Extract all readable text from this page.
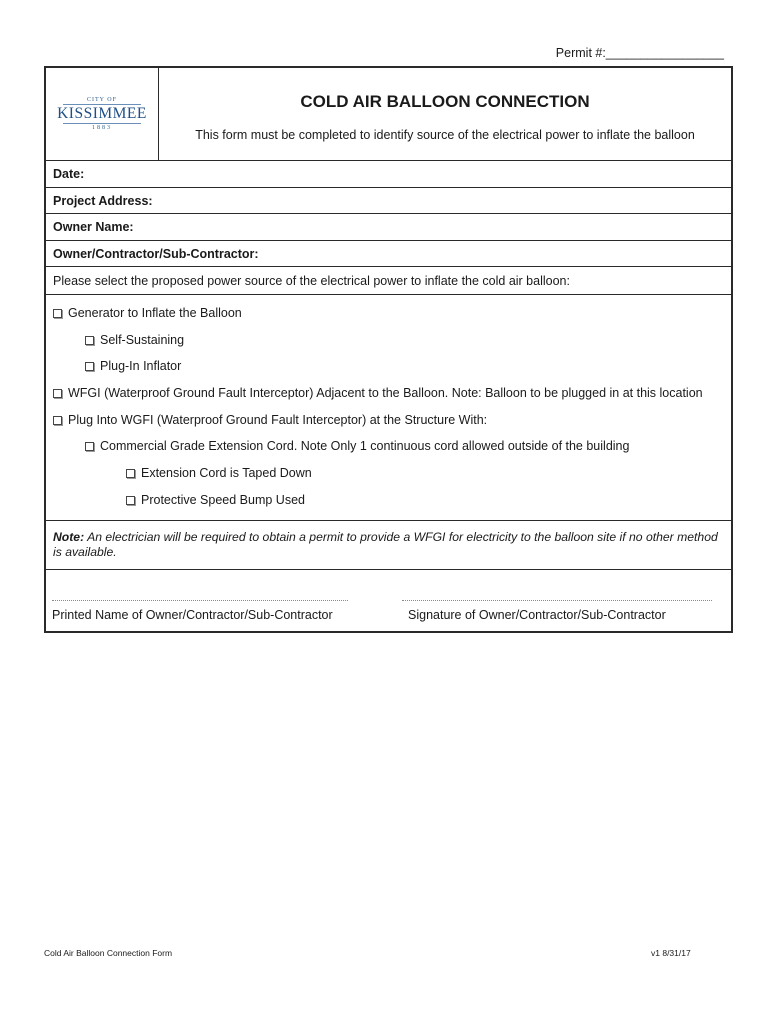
Permit #:_________________
CITY OF
KISSIMMEE
1883
COLD AIR BALLOON CONNECTION
This form must be completed to identify source of the electrical power to inflate the balloon
Date:
Project Address:
Owner Name:
Owner/Contractor/Sub-Contractor:
Please select the proposed power source of the electrical power to inflate the cold air balloon:
Generator to Inflate the Balloon
Self-Sustaining
Plug-In Inflator
WFGI (Waterproof Ground Fault Interceptor) Adjacent to the Balloon. Note: Balloon to be plugged in at this location
Plug Into WGFI (Waterproof Ground Fault Interceptor) at the Structure With:
Commercial Grade Extension Cord. Note Only 1 continuous cord allowed outside of the building
Extension Cord is Taped Down
Protective Speed Bump Used
Note: An electrician will be required to obtain a permit to provide a WFGI for electricity to the balloon site if no other method is available.
Printed Name of Owner/Contractor/Sub-Contractor	Signature of Owner/Contractor/Sub-Contractor
Cold Air Balloon Connection Form	v1 8/31/17
